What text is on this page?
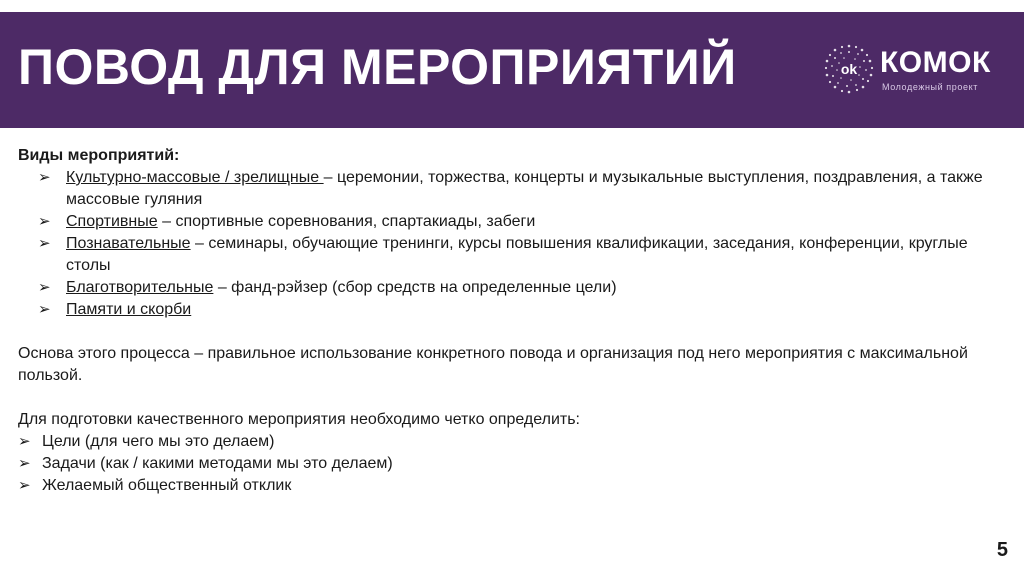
ПОВОД ДЛЯ МЕРОПРИЯТИЙ	ok КОМОК
Молодежный проект
Виды мероприятий:
➢ Культурно-массовые / зрелищные – церемонии, торжества, концерты и музыкальные выступления, поздравления, а также массовые гуляния
➢ Спортивные – спортивные соревнования, спартакиады, забеги
➢ Познавательные – семинары, обучающие тренинги, курсы повышения квалификации, заседания, конференции, круглые столы
➢ Благотворительные – фанд-рэйзер (сбор средств на определенные цели)
➢ Памяти и скорби
Основа этого процесса – правильное использование конкретного повода и организация под него мероприятия с максимальной пользой.
Для подготовки качественного мероприятия необходимо четко определить:
➢ Цели (для чего мы это делаем)
➢ Задачи (как / какими методами мы это делаем)
➢ Желаемый общественный отклик
5
